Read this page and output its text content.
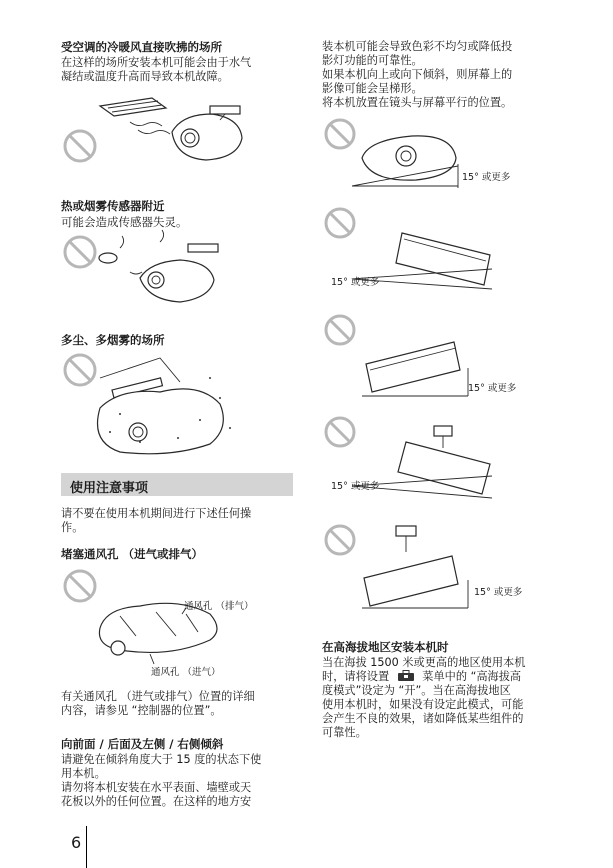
受空调的冷暖风直接吹拂的场所
在这样的场所安装本机可能会由于水气
凝结或温度升高而导致本机故障。
热或烟雾传感器附近
可能会造成传感器失灵。
多尘、多烟雾的场所
使用注意事项
请不要在使用本机期间进行下述任何操
作。
堵塞通风孔 （进气或排气）
通风孔 （排气）
通风孔 （进气）
有关通风孔 （进气或排气）位置的详细
内容，请参见 “控制器的位置”。
向前面 / 后面及左侧 / 右侧倾斜
请避免在倾斜角度大于 15 度的状态下使
用本机。
请勿将本机安装在水平表面、墙壁或天
花板以外的任何位置。在这样的地方安
6
装本机可能会导致色彩不均匀或降低投
影灯功能的可靠性。
如果本机向上或向下倾斜，则屏幕上的
影像可能会呈梯形。
将本机放置在镜头与屏幕平行的位置。
15° 或更多
15° 或更多
15° 或更多
15° 或更多
15° 或更多
在高海拔地区安装本机时
当在海拔 1500 米或更高的地区使用本机
时，请将设置	菜单中的 “高海拔高
度模式”设定为 “开”。当在高海拔地区
使用本机时，如果没有设定此模式，可能
会产生不良的效果，诸如降低某些组件的
可靠性。
